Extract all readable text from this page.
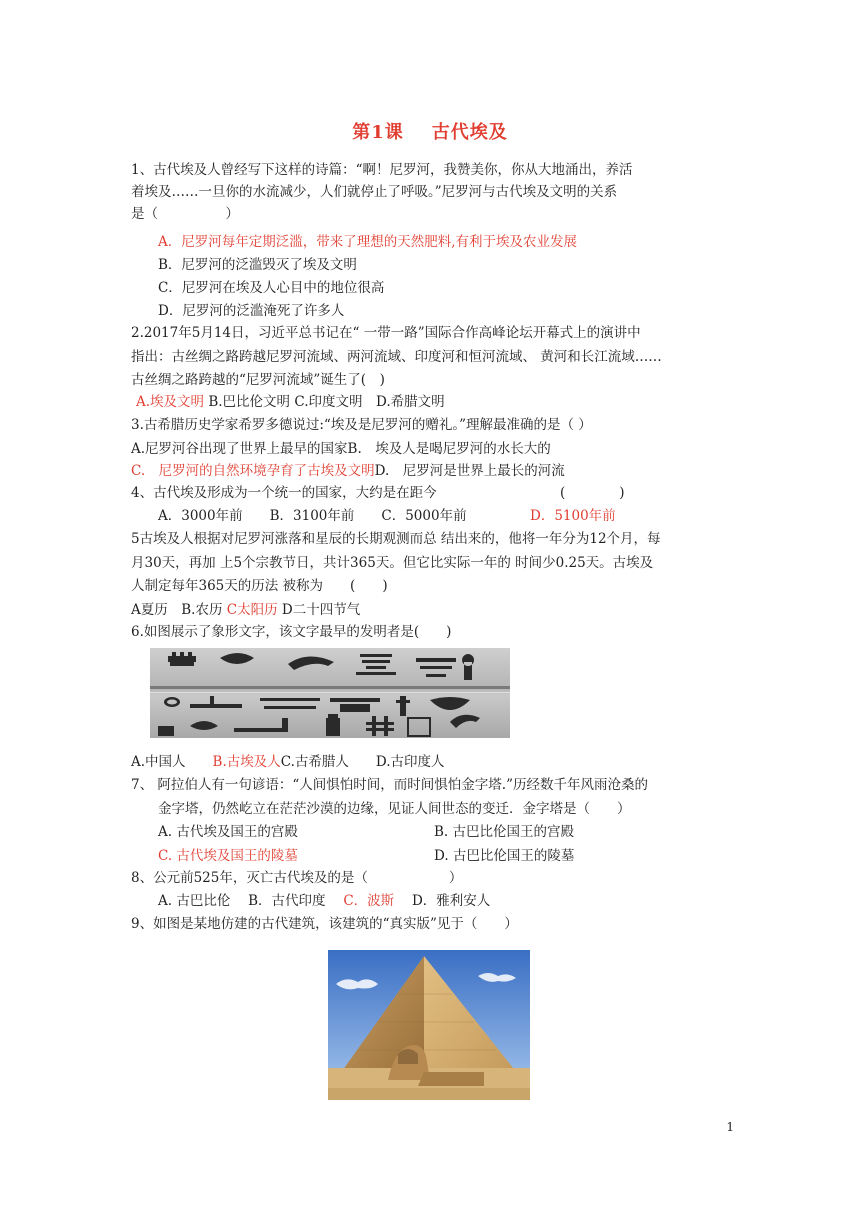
第1课 古代埃及
1、古代埃及人曾经写下这样的诗篇：“啊！尼罗河，我赞美你，你从大地涌出，养活
着埃及……一旦你的水流减少，人们就停止了呼吸。”尼罗河与古代埃及文明的关系
是（　　　　　）
A．尼罗河每年定期泛滥，带来了理想的天然肥料,有利于埃及农业发展
B．尼罗河的泛滥毁灭了埃及文明
C．尼罗河在埃及人心目中的地位很高
D．尼罗河的泛滥淹死了许多人
2.2017年5月14日，习近平总书记在“ 一带一路”国际合作高峰论坛开幕式上的演讲中
指出：古丝绸之路跨越尼罗河流域、两河流域、印度河和恒河流域、 黄河和长江流域……
古丝绸之路跨越的“尼罗河流域”诞生了(　)
A.埃及文明 B.巴比伦文明 C.印度文明　D.希腊文明
3.古希腊历史学家希罗多德说过:“埃及是尼罗河的赠礼。”理解最准确的是（ ）
A.尼罗河谷出现了世界上最早的国家B.　埃及人是喝尼罗河的水长大的
C.　尼罗河的自然环境孕育了古埃及文明D.　尼罗河是世界上最长的河流
4、古代埃及形成为一个统一的国家，大约是在距今	(　　　　)
A．3000年前　　B．3100年前　　C．5000年前	D．5100年前
5古埃及人根据对尼罗河涨落和星辰的长期观测而总 结出来的，他将一年分为12个月，每
月30天，再加 上5个宗教节日，共计365天。但它比实际一年的 时间少0.25天。古埃及
人制定每年365天的历法 被称为　　(　　)
A夏历　B.农历 C太阳历 D二十四节气
6.如图展示了象形文字，该文字最早的发明者是(　　)
A.中国人　　B.古埃及人C.古希腊人　　D.古印度人
7、 阿拉伯人有一句谚语：“人间惧怕时间，而时间惧怕金字塔.”历经数千年风雨沧桑的
金字塔，仍然屹立在茫茫沙漠的边缘，见证人间世态的变迁．金字塔是（　　）
A. 古代埃及国王的宫殿	B. 古巴比伦国王的宫殿
C. 古代埃及国王的陵墓	D. 古巴比伦国王的陵墓
8、公元前525年，灭亡古代埃及的是（　　　　　　）
A. 古巴比伦　 B．古代印度　 C．波斯　 D．雅利安人
9、如图是某地仿建的古代建筑，该建筑的“真实版”见于（　　）
1
